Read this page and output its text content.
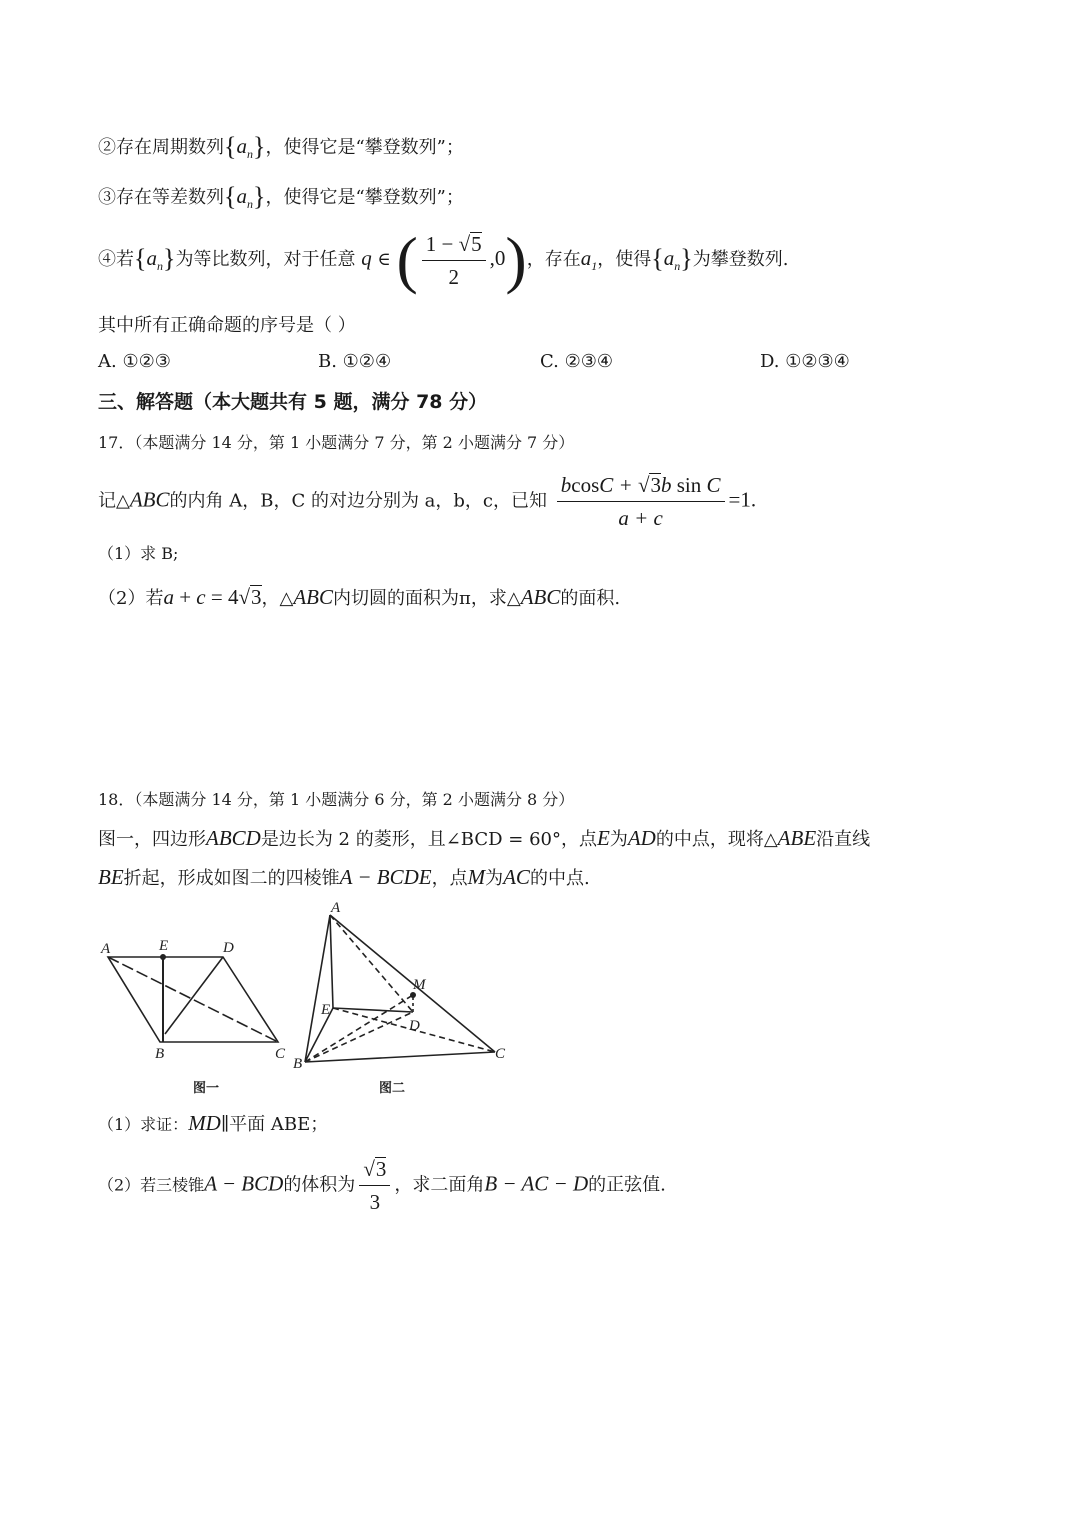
②存在周期数列$\{a_n\}$，使得它是“攀登数列”；
③存在等差数列$\{a_n\}$，使得它是“攀登数列”；
④若$\{a_n\}$为等比数列，对于任意 q ∈ ( $\frac{1 - √5}{2} ,0$)，存在$a_1$，使得$\{a_n\}$为攀登数列.
其中所有正确命题的序号是（ ）
A. ①②③	B. ①②④	C. ②③④	D. ①②③④
三、解答题（本大题共有 5 题，满分 78 分）
17．（本题满分 14 分，第 1 小题满分 7 分，第 2 小题满分 7 分）
记△ABC的内角 A，B，C 的对边分别为 a，b，c，已知 $\frac{\text{bcosC + √3b sin C}}{a + c} =1$.
（1）求 B;
（2）若a + c = 4√3，△ABC内切圆的面积为π，求△ABC的面积.
18．（本题满分 14 分，第 1 小题满分 6 分，第 2 小题满分 8 分）
图一，四边形ABCD是边长为 2 的菱形，且∠BCD = 60°，点E为AD的中点，现将△ABE沿直线
BE折起，形成如图二的四棱锥A − BCDE，点M为AC的中点.
A	E	D
B	C
图一
A
M
E
D
B
C
图二
（1）求证：MD∥平面 ABE；
（2）若三棱锥A − BCD的体积为 $\frac{√3}{3}$ ，求二面角B − AC − D的正弦值.
